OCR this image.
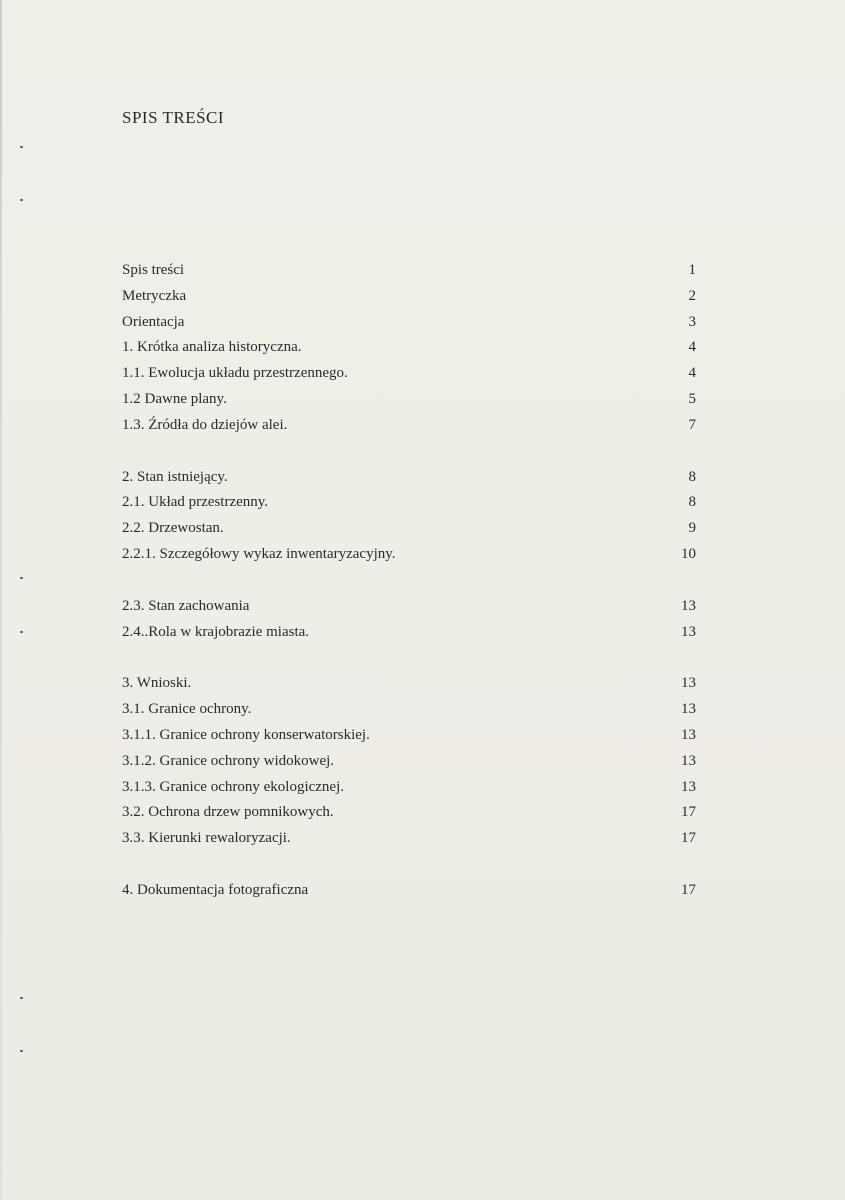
SPIS TREŚCI
Spis treści	1
Metryczka	2
Orientacja	3
1. Krótka analiza historyczna.	4
1.1. Ewolucja układu przestrzennego.	4
1.2 Dawne plany.	5
1.3. Źródła do dziejów alei.	7
2. Stan istniejący.	8
2.1. Układ przestrzenny.	8
2.2. Drzewostan.	9
2.2.1. Szczegółowy wykaz inwentaryzacyjny.	10
2.3. Stan zachowania	13
2.4..Rola w krajobrazie miasta.	13
3. Wnioski.	13
3.1. Granice ochrony.	13
3.1.1. Granice ochrony konserwatorskiej.	13
3.1.2. Granice ochrony widokowej.	13
3.1.3. Granice ochrony ekologicznej.	13
3.2. Ochrona drzew pomnikowych.	17
3.3. Kierunki rewaloryzacji.	17
4. Dokumentacja fotograficzna	17
